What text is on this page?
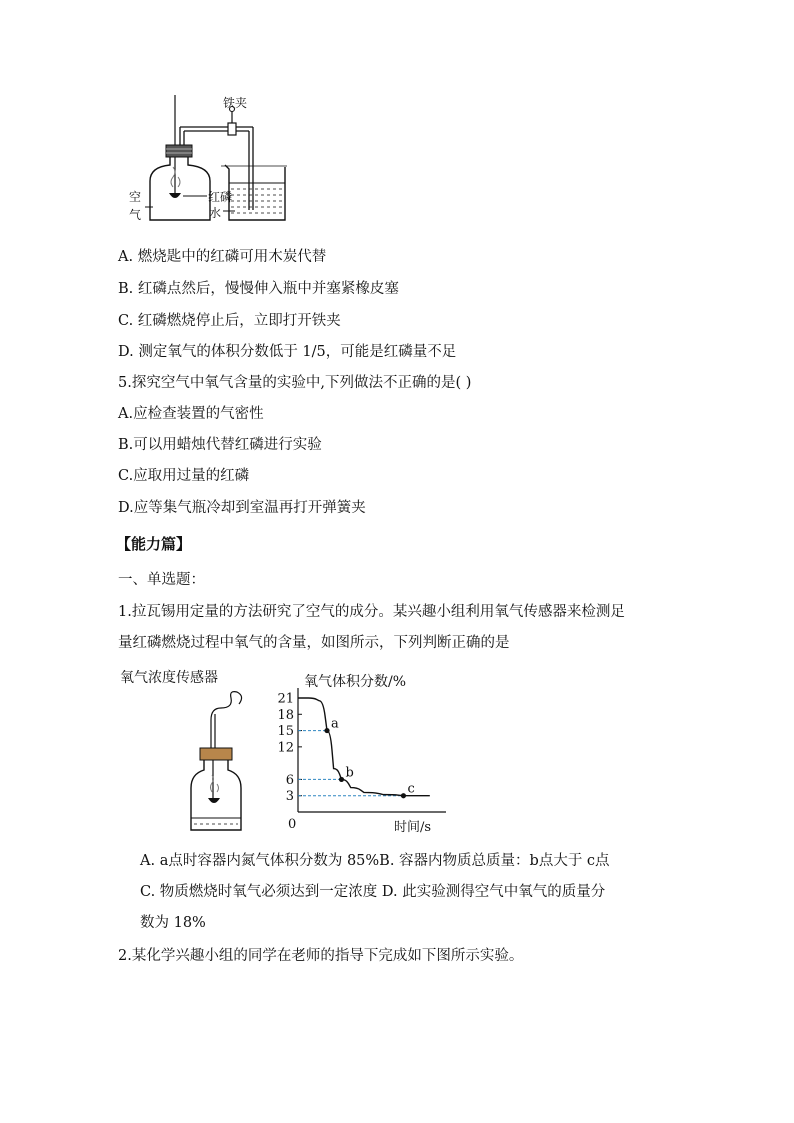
铁夹
空
气
红磷
水
A. 燃烧匙中的红磷可用木炭代替
B. 红磷点然后，慢慢伸入瓶中并塞紧橡皮塞
C. 红磷燃烧停止后，立即打开铁夹
D. 测定氧气的体积分数低于 1/5，可能是红磷量不足
5.探究空气中氧气含量的实验中,下列做法不正确的是( )
A.应检查装置的气密性
B.可以用蜡烛代替红磷进行实验
C.应取用过量的红磷
D.应等集气瓶冷却到室温再打开弹簧夹
【能力篇】
一、单选题：
1.拉瓦锡用定量的方法研究了空气的成分。某兴趣小组利用氧气传感器来检测足
量红磷燃烧过程中氧气的含量，如图所示，下列判断正确的是
氧气浓度传感器	氧气体积分数/%
0	时间/s
3
6
12
15
18
21
a
b
c
A. a点时容器内氮气体积分数为 85%B. 容器内物质总质量：b点大于 c点
C. 物质燃烧时氧气必须达到一定浓度 D. 此实验测得空气中氧气的质量分
数为 18%
2.某化学兴趣小组的同学在老师的指导下完成如下图所示实验。
